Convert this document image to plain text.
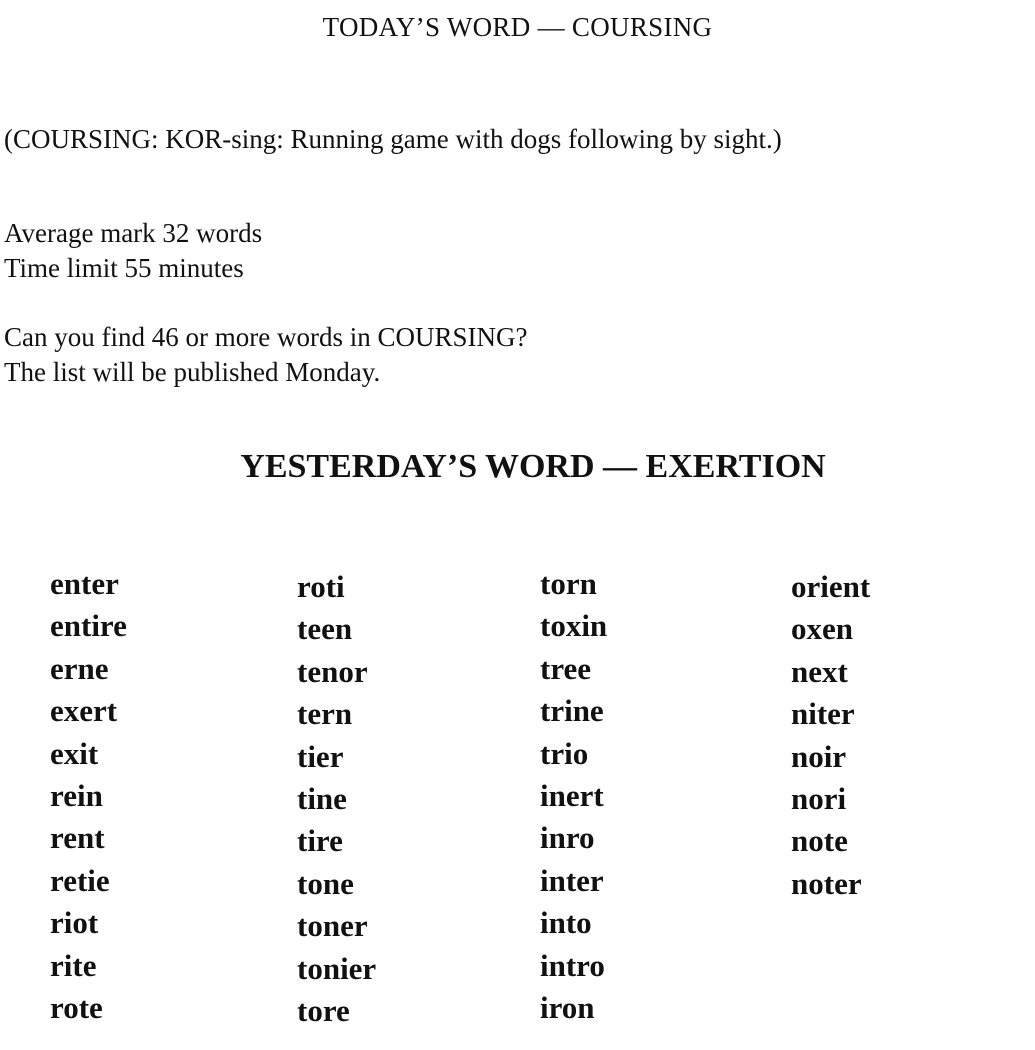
TODAY’S WORD — COURSING
(COURSING: KOR-sing: Running game with dogs following by sight.)
Average mark 32 words
Time limit 55 minutes
Can you find 46 or more words in COURSING?
The list will be published Monday.
YESTERDAY’S WORD — EXERTION
enter
entire
erne
exert
exit
rein
rent
retie
riot
rite
rote
roti
teen
tenor
tern
tier
tine
tire
tone
toner
tonier
tore
torn
toxin
tree
trine
trio
inert
inro
inter
into
intro
iron
orient
oxen
next
niter
noir
nori
note
noter
